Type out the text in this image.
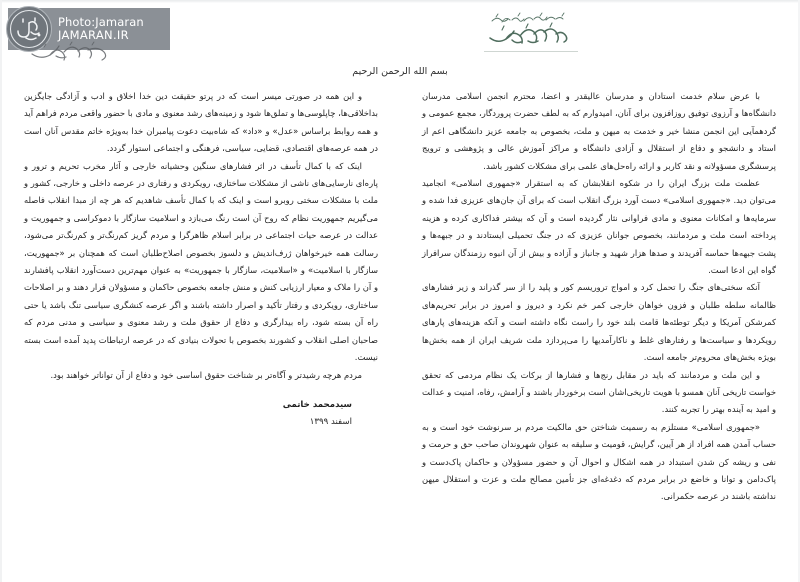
بسم الله الرحمن الرحیم

و این همه در صورتی میسر است که در پرتو حقیقت دین خدا اخلاق و ادب و آزادگی جایگزین بداخلاقی‌ها، چاپلوسی‌ها و تملق‌ها شود و زمینه‌های رشد معنوی و مادی با حضور واقعی مردم فراهم آید و همه روابط براساس «عدل» و «داد» که شاه‌بیت دعوت پیامبران خدا به‌ویژه خاتم مقدس آنان است در همه عرصه‌های اقتصادی، قضایی، سیاسی، فرهنگی و اجتماعی استوار گردد.

اینک که با کمال تأسف در اثر فشارهای سنگین وحشیانه خارجی و آثار مخرب تحریم و ترور و پاره‌ای نارسایی‌های ناشی از مشکلات ساختاری، رویکردی و رفتاری در عرصه داخلی و خارجی، کشور و ملت با مشکلات سختی روبرو است و اینک که با کمال تأسف شاهدیم که هر چه از مبدا انقلاب فاصله می‌گیریم جمهوریت نظام که روح آن است رنگ می‌بازد و اسلامیت سازگار با دموکراسی و جمهوریت و عدالت در عرصه حیات اجتماعی در برابر اسلام ظاهرگرا و مردم گریز کم‌رنگ‌تر و کم‌رنگ‌تر می‌شود، رسالت همه خیرخواهان ژرف‌اندیش و دلسوز بخصوص اصلاح‌طلبان است که همچنان بر «جمهوریت، سازگار با اسلامیت» و «اسلامیت، سازگار با جمهوریت» به عنوان مهم‌ترین دست‌آورد انقلاب پافشارند و آن را ملاک و معیار ارزیابی کنش و منش جامعه بخصوص حاکمان و مسؤولان قرار دهند و بر اصلاحات ساختاری، رویکردی و رفتار تأکید و اصرار داشته باشند و اگر عرصه کنشگری سیاسی تنگ باشد یا حتی راه آن بسته شود، راه بیدارگری و دفاع از حقوق ملت و رشد معنوی و سیاسی و مدنی مردم که صاحبان اصلی انقلاب و کشورند بخصوص با تحولات بنیادی که در عرصه ارتباطات پدید آمده است بسته نیست.

مردم هرچه رشیدتر و آگاه‌تر بر شناخت حقوق اساسی خود و دفاع از آن تواناتر خواهند بود.

سیدمحمد خاتمی
اسفند ۱۳۹۹

با عرض سلام خدمت استادان و مدرسان عالیقدر و اعضا، محترم انجمن اسلامی مدرسان دانشگاه‌ها و آرزوی توفیق روزافزون برای آنان، امیدوارم که به لطف حضرت پروردگار، مجمع عمومی و گردهمآیی این انجمن منشا خیر و خدمت به میهن و ملت، بخصوص به جامعه عزیز دانشگاهی اعم از استاد و دانشجو و دفاع از استقلال و آزادی دانشگاه و مراکز آموزش عالی و پژوهشی و ترویج پرسشگری مسؤولانه و نقد کاربر و ارائه راه‌حل‌های علمی برای مشکلات کشور باشد.

عظمت ملت بزرگ ایران را در شکوه انقلابشان که به استقرار «جمهوری اسلامی» انجامید می‌توان دید. «جمهوری اسلامی» دست آورد بزرگ انقلاب است که برای آن جان‌های عزیزی فدا شده و سرمایه‌ها و امکانات معنوی و مادی فراوانی نثار گردیده است و آن که بیشتر فداکاری کرده و هزینه پرداخته است ملت و مردمانند، بخصوص جوانان عزیزی که در جنگ تحمیلی ایستادند و در جبهه‌ها و پشت جبهه‌ها حماسه آفریدند و صدها هزار شهید و جانباز و آزاده و بیش از آن انبوه رزمندگان سرافراز گواه این ادعا است.

آنکه سختی‌های جنگ را تحمل کرد و امواج تروریسم کور و پلید را از سر گذراند و زیر فشارهای ظالمانه سلطه طلبان و فزون خواهان خارجی کمر خم نکرد و دیروز و امروز در برابر تحریم‌های کمرشکن آمریکا و دیگر توطئه‌ها قامت بلند خود را راست نگاه داشته است و آنکه هزینه‌های پارهای رویکردها و سیاست‌ها و رفتارهای غلط و ناکارآمدیها را می‌پردازد ملت شریف ایران از همه بخش‌ها بویژه بخش‌های محروم‌تر جامعه است.

و این ملت و مردمانند که باید در مقابل رنج‌ها و فشارها از برکات یک نظام مردمی که تحقق خواست تاریخی آنان همسو با هویت تاریخی‌اشان است برخوردار باشند و آرامش، رفاه، امنیت و عدالت و امید به آینده بهتر را تجربه کنند.

«جمهوری اسلامی» مستلزم به رسمیت شناختن حق مالکیت مردم بر سرنوشت خود است و به حساب آمدن همه افراد از هر آیین، گرایش، قومیت و سلیقه به عنوان شهروندان صاحب حق و حرمت و نفی و ریشه کن شدن استبداد در همه اشکال و احوال آن و حضور مسؤولان و حاکمان پاک‌دست و پاک‌دامن و توانا و خاضع در برابر مردم که دغدغه‌ای جز تأمین مصالح ملت و عزت و استقلال میهن نداشته باشند در عرصه حکمرانی.

Photo:Jamaran
JAMARAN.IR
